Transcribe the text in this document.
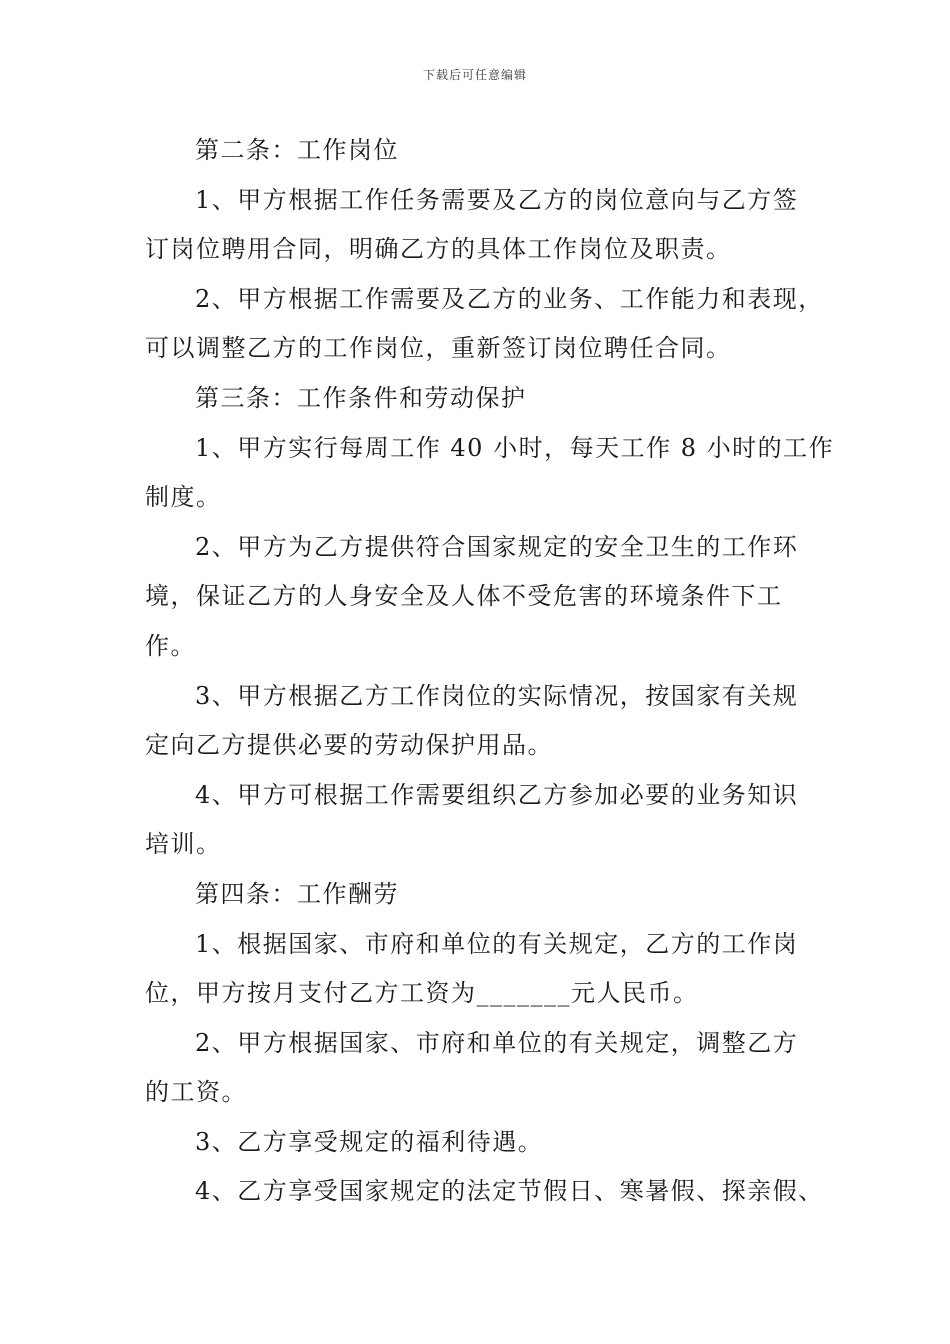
下载后可任意编辑
第二条：工作岗位
1、甲方根据工作任务需要及乙方的岗位意向与乙方签
订岗位聘用合同，明确乙方的具体工作岗位及职责。
2、甲方根据工作需要及乙方的业务、工作能力和表现，
可以调整乙方的工作岗位，重新签订岗位聘任合同。
第三条：工作条件和劳动保护
1、甲方实行每周工作 40 小时，每天工作 8 小时的工作
制度。
2、甲方为乙方提供符合国家规定的安全卫生的工作环
境，保证乙方的人身安全及人体不受危害的环境条件下工
作。
3、甲方根据乙方工作岗位的实际情况，按国家有关规
定向乙方提供必要的劳动保护用品。
4、甲方可根据工作需要组织乙方参加必要的业务知识
培训。
第四条：工作酬劳
1、根据国家、市府和单位的有关规定，乙方的工作岗
位，甲方按月支付乙方工资为_______元人民币。
2、甲方根据国家、市府和单位的有关规定，调整乙方
的工资。
3、乙方享受规定的福利待遇。
4、乙方享受国家规定的法定节假日、寒暑假、探亲假、
